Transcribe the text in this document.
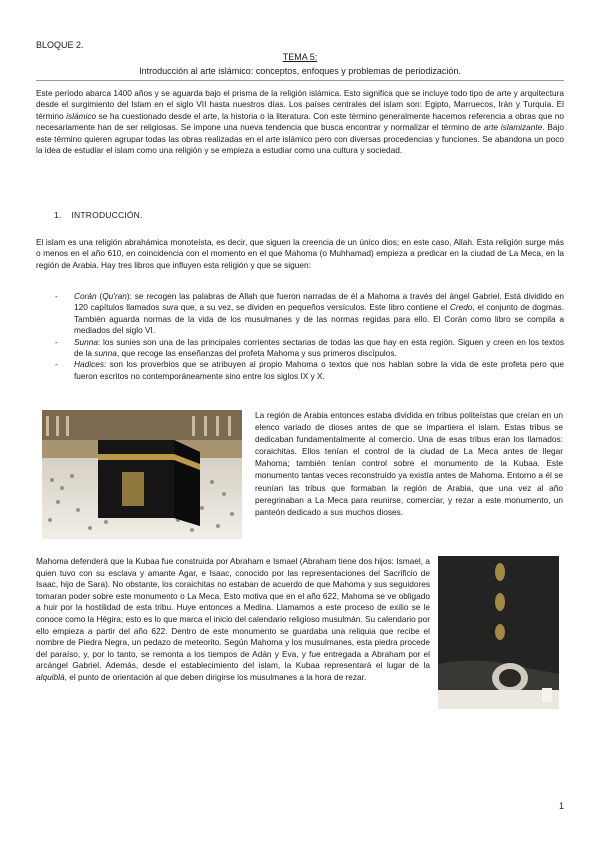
BLOQUE 2.
TEMA 5:
Introducción al arte islámico: conceptos, enfoques y problemas de periodización.

Este período abarca 1400 años y se aguarda bajo el prisma de la religión islámica. Esto significa que se incluye todo tipo de arte y arquitectura desde el surgimiento del Islam en el siglo VII hasta nuestros días. Los países centrales del islam son: Egipto, Marruecos, Irán y Turquía. El término islámico se ha cuestionado desde el arte, la historia o la literatura. Con este término generalmente hacemos referencia a obras que no necesariamente han de ser religiosas. Se impone una nueva tendencia que busca encontrar y normalizar el término de arte islamizante. Bajo este término quieren agrupar todas las obras realizadas en el arte islámico pero con diversas procedencias y funciones. Se abandona un poco la idea de estudiar el islam como una religión y se empieza a estudiar como una cultura y sociedad.

1. INTRODUCCIÓN.

El islam es una religión abrahámica monoteísta, es decir, que siguen la creencia de un único dios; en este caso, Allah. Esta religión surge más o menos en el año 610, en coincidencia con el momento en el que Mahoma (o Muhhamad) empieza a predicar en la ciudad de La Meca, en la región de Arabia. Hay tres libros que influyen esta religión y que se siguen:

- Corán (Qu'ran): se recogen las palabras de Allah que fueron narradas de él a Mahoma a través del ángel Gabriel. Está dividido en 120 capítulos llamados sura que, a su vez, se dividen en pequeños versículos. Este libro contiene el Credo, el conjunto de dogmas. También aguarda normas de la vida de los musulmanes y de las normas regidas para ello. El Corán como libro se compila a mediados del siglo VI.
- Sunna: los sunies son una de las principales corrientes sectarias de todas las que hay en esta región. Siguen y creen en los textos de la sunna, que recoge las enseñanzas del profeta Mahoma y sus primeros discípulos.
- Hadices: son los proverbios que se atribuyen al propio Mahoma o textos que nos hablan sobre la vida de este profeta pero que fueron escritos no contemporáneamente sino entre los siglos IX y X.

La región de Arabia entonces estaba dividida en tribus politeístas que creían en un elenco variado de dioses antes de que se impartiera el islam. Estas tribus se dedicaban fundamentalmente al comercio. Una de esas tribus eran los llamados: coraichitas. Ellos tenían el control de la ciudad de La Meca antes de llegar Mahoma; también tenían control sobre el monumento de la Kubaa. Este monumento tantas veces reconstruido ya existía antes de Mahoma. Entorno a él se reunían las tribus que formaban la región de Arabia, que una vez al año peregrinaban a La Meca para reunirse, comerciar, y rezar a este monumento, un panteón dedicado a sus muchos dioses.

Mahoma defenderá que la Kubaa fue construida por Abraham e Ismael (Abraham tiene dos hijos: Ismael, a quien tuvo con su esclava y amante Agar, e Isaac, conocido por las representaciones del Sacrificio de Isaac, hijo de Sara). No obstante, los coraichitas no estaban de acuerdo de que Mahoma y sus seguidores tomaran poder sobre este monumento o La Meca. Esto motiva que en el año 622, Mahoma se ve obligado a huir por la hostilidad de esta tribu. Huye entonces a Medina. Llamamos a este proceso de exilio se le conoce como la Hégira; esto es lo que marca el inicio del calendario religioso musulmán. Su calendario por ello empieza a partir del año 622. Dentro de este monumento se guardaba una reliquia que recibe el nombre de Piedra Negra, un pedazo de meteorito. Según Mahoma y los musulmanes, esta piedra procede del paraíso, y, por lo tanto, se remonta a los tiempos de Adán y Eva, y fue entregada a Abraham por el arcángel Gabriel. Además, desde el establecimiento del islam, la Kubaa representará el lugar de la alquiblá, el punto de orientación al que deben dirigirse los musulmanes a la hora de rezar.

1
